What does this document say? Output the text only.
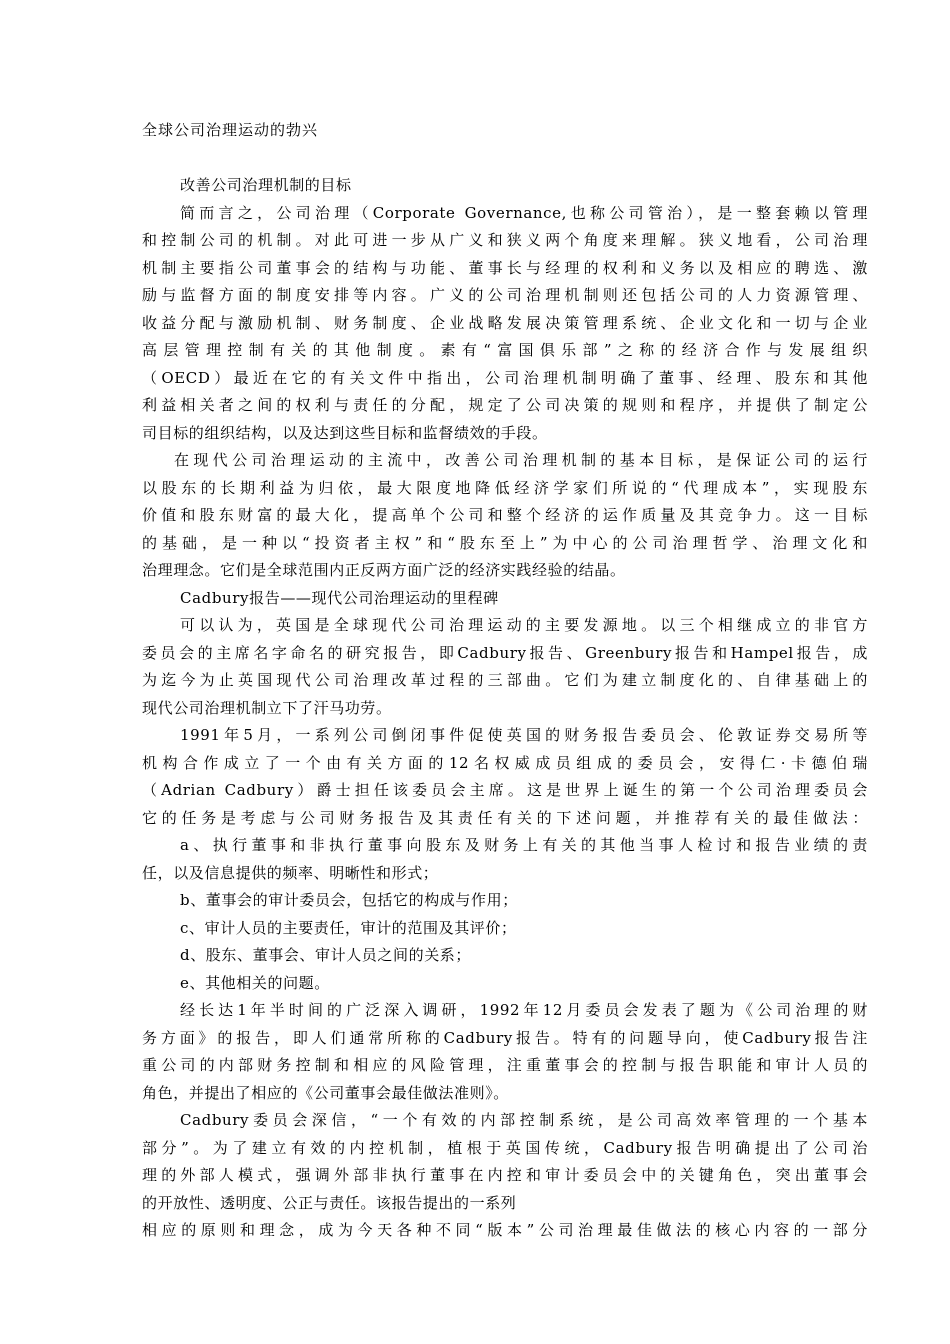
全球公司治理运动的勃兴
改善公司治理机制的目标
简而言之，公司治理（Corporate Governance,也称公司管治），是一整套赖以管理
和控制公司的机制。对此可进一步从广义和狭义两个角度来理解。狭义地看，公司治理
机制主要指公司董事会的结构与功能、董事长与经理的权利和义务以及相应的聘选、激
励与监督方面的制度安排等内容。广义的公司治理机制则还包括公司的人力资源管理、
收益分配与激励机制、财务制度、企业战略发展决策管理系统、企业文化和一切与企业
高层管理控制有关的其他制度。素有“富国俱乐部”之称的经济合作与发展组织
（OECD）最近在它的有关文件中指出，公司治理机制明确了董事、经理、股东和其他
利益相关者之间的权利与责任的分配，规定了公司决策的规则和程序，并提供了制定公
司目标的组织结构，以及达到这些目标和监督绩效的手段。
在现代公司治理运动的主流中，改善公司治理机制的基本目标，是保证公司的运行
以股东的长期利益为归依，最大限度地降低经济学家们所说的“代理成本”，实现股东
价值和股东财富的最大化，提高单个公司和整个经济的运作质量及其竞争力。这一目标
的基础，是一种以“投资者主权”和“股东至上”为中心的公司治理哲学、治理文化和
治理理念。它们是全球范围内正反两方面广泛的经济实践经验的结晶。
Cadbury报告——现代公司治理运动的里程碑
可以认为，英国是全球现代公司治理运动的主要发源地。以三个相继成立的非官方
委员会的主席名字命名的研究报告，即Cadbury报告、Greenbury报告和Hampel报告，成
为迄今为止英国现代公司治理改革过程的三部曲。它们为建立制度化的、自律基础上的
现代公司治理机制立下了汗马功劳。
1991年5月，一系列公司倒闭事件促使英国的财务报告委员会、伦敦证券交易所等
机构合作成立了一个由有关方面的12名权威成员组成的委员会，安得仁·卡德伯瑞
（Adrian Cadbury）爵士担任该委员会主席。这是世界上诞生的第一个公司治理委员会
它的任务是考虑与公司财务报告及其责任有关的下述问题，并推荐有关的最佳做法：
a、执行董事和非执行董事向股东及财务上有关的其他当事人检讨和报告业绩的责
任，以及信息提供的频率、明晰性和形式；
b、董事会的审计委员会，包括它的构成与作用；
c、审计人员的主要责任，审计的范围及其评价；
d、股东、董事会、审计人员之间的关系；
e、其他相关的问题。
经长达1年半时间的广泛深入调研，1992年12月委员会发表了题为《公司治理的财
务方面》的报告，即人们通常所称的Cadbury报告。特有的问题导向，使Cadbury报告注
重公司的内部财务控制和相应的风险管理，注重董事会的控制与报告职能和审计人员的
角色，并提出了相应的《公司董事会最佳做法准则》。
Cadbury委员会深信，“一个有效的内部控制系统，是公司高效率管理的一个基本
部分”。为了建立有效的内控机制，植根于英国传统，Cadbury报告明确提出了公司治
理的外部人模式，强调外部非执行董事在内控和审计委员会中的关键角色，突出董事会
的开放性、透明度、公正与责任。该报告提出的一系列
相应的原则和理念，成为今天各种不同“版本”公司治理最佳做法的核心内容的一部分
